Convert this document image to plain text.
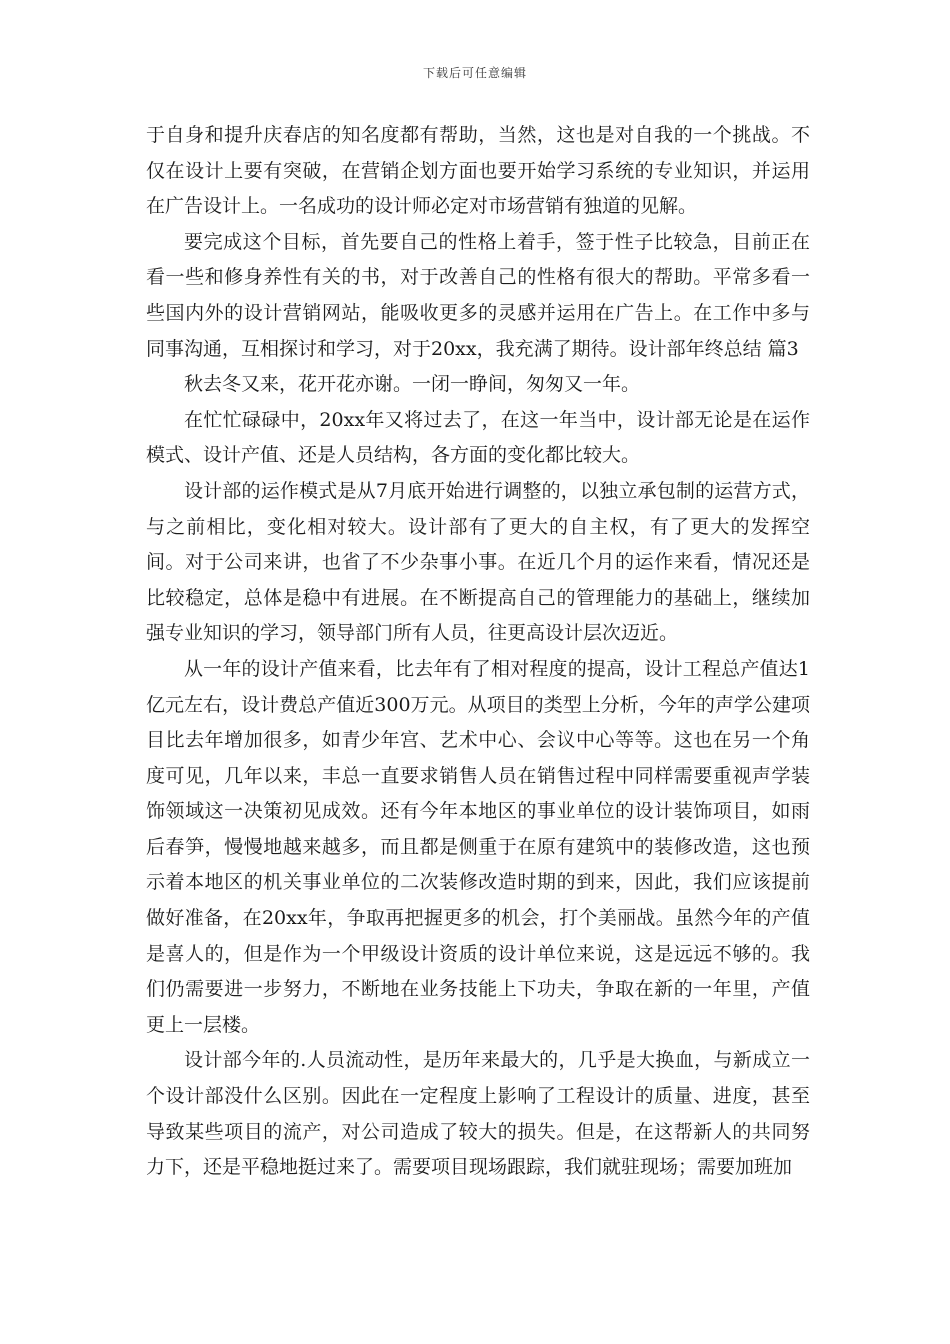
下载后可任意编辑

于自身和提升庆春店的知名度都有帮助，当然，这也是对自我的一个挑战。不仅在设计上要有突破，在营销企划方面也要开始学习系统的专业知识，并运用在广告设计上。一名成功的设计师必定对市场营销有独道的见解。

要完成这个目标，首先要自己的性格上着手，签于性子比较急，目前正在看一些和修身养性有关的书，对于改善自己的性格有很大的帮助。平常多看一些国内外的设计营销网站，能吸收更多的灵感并运用在广告上。在工作中多与同事沟通，互相探讨和学习，对于20xx，我充满了期待。设计部年终总结 篇3

秋去冬又来，花开花亦谢。一闭一睁间，匆匆又一年。

在忙忙碌碌中，20xx年又将过去了，在这一年当中，设计部无论是在运作模式、设计产值、还是人员结构，各方面的变化都比较大。

设计部的运作模式是从7月底开始进行调整的，以独立承包制的运营方式，与之前相比，变化相对较大。设计部有了更大的自主权，有了更大的发挥空间。对于公司来讲，也省了不少杂事小事。在近几个月的运作来看，情况还是比较稳定，总体是稳中有进展。在不断提高自己的管理能力的基础上，继续加强专业知识的学习，领导部门所有人员，往更高设计层次迈近。

从一年的设计产值来看，比去年有了相对程度的提高，设计工程总产值达1亿元左右，设计费总产值近300万元。从项目的类型上分析，今年的声学公建项目比去年增加很多，如青少年宫、艺术中心、会议中心等等。这也在另一个角度可见，几年以来，丰总一直要求销售人员在销售过程中同样需要重视声学装饰领域这一决策初见成效。还有今年本地区的事业单位的设计装饰项目，如雨后春笋，慢慢地越来越多，而且都是侧重于在原有建筑中的装修改造，这也预示着本地区的机关事业单位的二次装修改造时期的到来，因此，我们应该提前做好准备，在20xx年，争取再把握更多的机会，打个美丽战。虽然今年的产值是喜人的，但是作为一个甲级设计资质的设计单位来说，这是远远不够的。我们仍需要进一步努力，不断地在业务技能上下功夫，争取在新的一年里，产值更上一层楼。

设计部今年的.人员流动性，是历年来最大的，几乎是大换血，与新成立一个设计部没什么区别。因此在一定程度上影响了工程设计的质量、进度，甚至导致某些项目的流产，对公司造成了较大的损失。但是，在这帮新人的共同努力下，还是平稳地挺过来了。需要项目现场跟踪，我们就驻现场；需要加班加
